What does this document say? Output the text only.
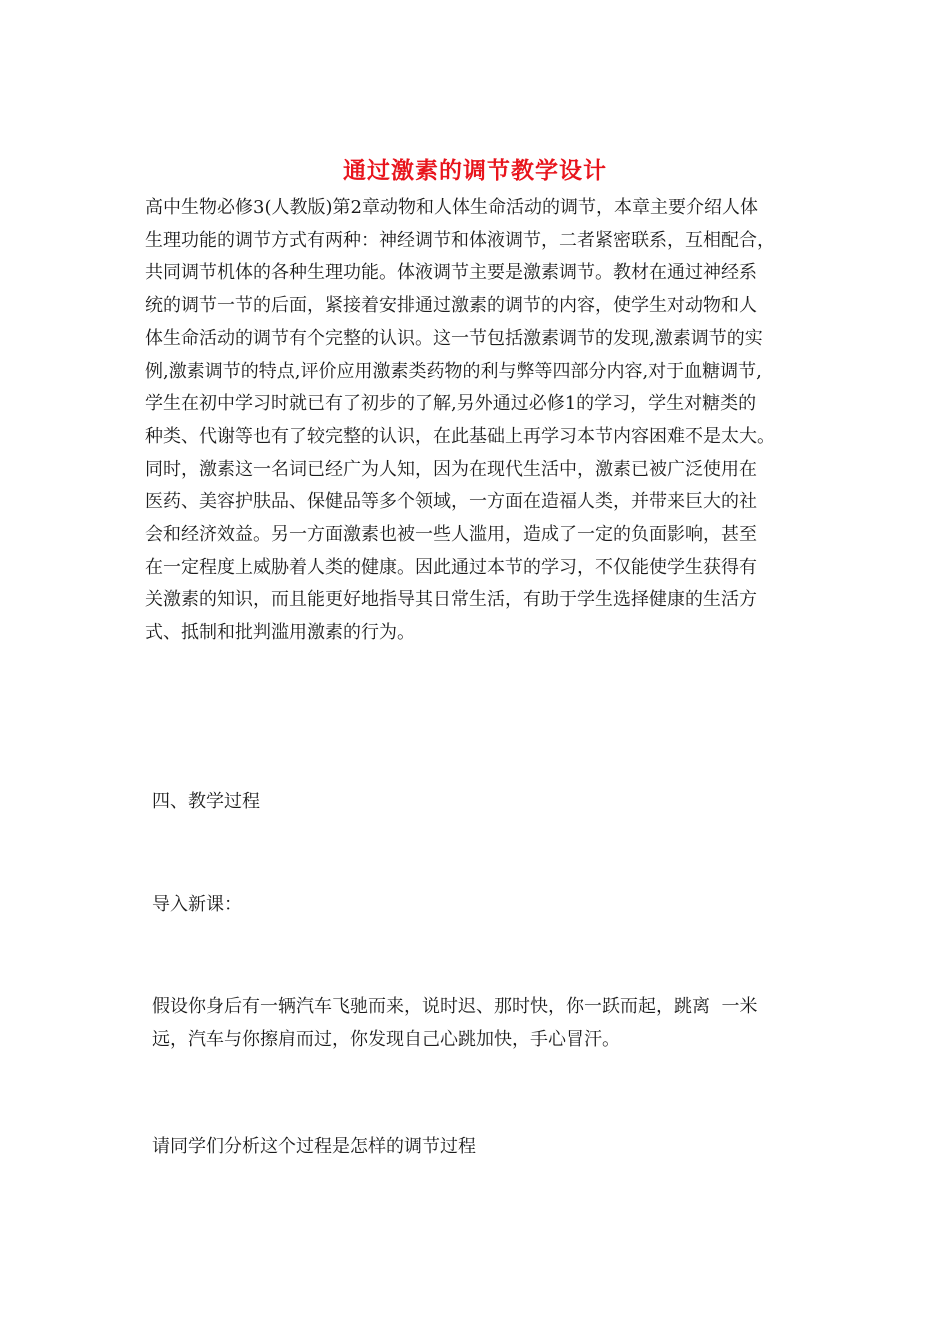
通过激素的调节教学设计
高中生物必修3(人教版)第2章动物和人体生命活动的调节，本章主要介绍人体
生理功能的调节方式有两种：神经调节和体液调节，二者紧密联系，互相配合，
共同调节机体的各种生理功能。体液调节主要是激素调节。教材在通过神经系
统的调节一节的后面，紧接着安排通过激素的调节的内容，使学生对动物和人
体生命活动的调节有个完整的认识。这一节包括激素调节的发现,激素调节的实
例,激素调节的特点,评价应用激素类药物的利与弊等四部分内容,对于血糖调节,
学生在初中学习时就已有了初步的了解,另外通过必修1的学习，学生对糖类的
种类、代谢等也有了较完整的认识，在此基础上再学习本节内容困难不是太大。
同时，激素这一名词已经广为人知，因为在现代生活中，激素已被广泛使用在
医药、美容护肤品、保健品等多个领域，一方面在造福人类，并带来巨大的社
会和经济效益。另一方面激素也被一些人滥用，造成了一定的负面影响，甚至
在一定程度上威胁着人类的健康。因此通过本节的学习，不仅能使学生获得有
关激素的知识，而且能更好地指导其日常生活，有助于学生选择健康的生活方
式、抵制和批判滥用激素的行为。
四、教学过程
导入新课：
假设你身后有一辆汽车飞驰而来，说时迟、那时快，你一跃而起，跳离  一米
远，汽车与你擦肩而过，你发现自己心跳加快，手心冒汗。
请同学们分析这个过程是怎样的调节过程
